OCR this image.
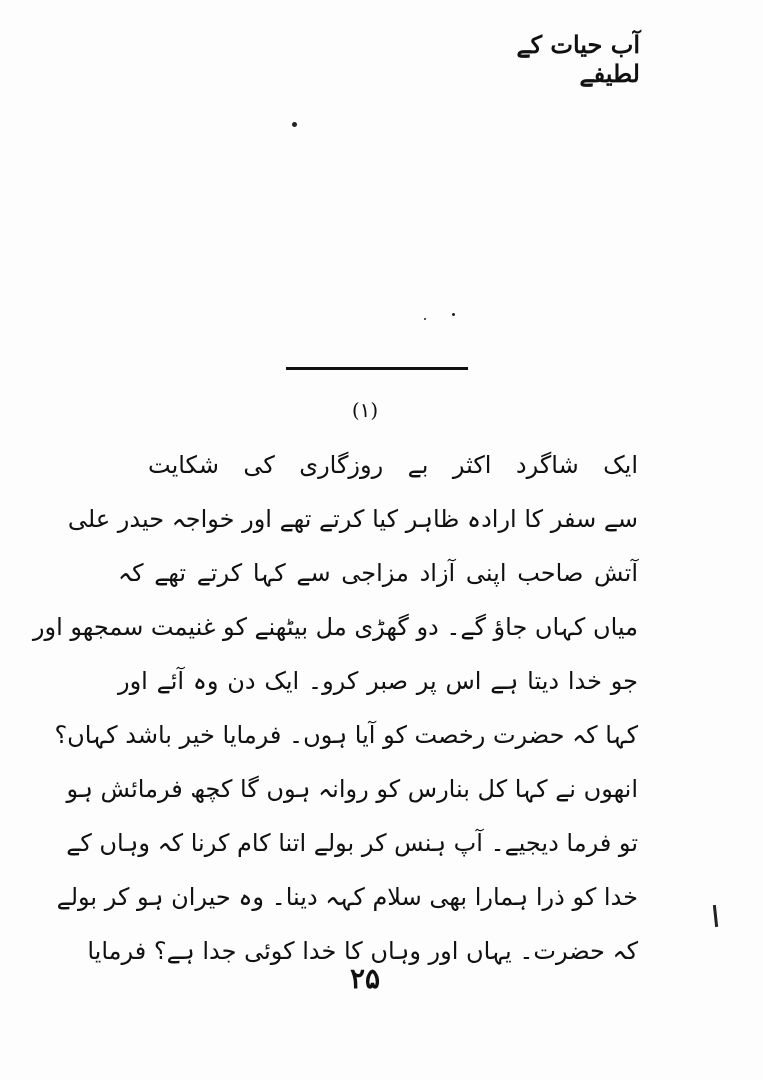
آب حیات کے لطیفے
(۱)
ایک شاگرد اکثر بے روزگاری کی شکایت
سے سفر کا ارادہ ظاہر کیا کرتے تھے اور خواجہ حیدر علی
آتش صاحب اپنی آزاد مزاجی سے کہا کرتے تھے کہ
میاں کہاں جاؤ گے۔ دو گھڑی مل بیٹھنے کو غنیمت سمجھو اور
جو خدا دیتا ہے اس پر صبر کرو۔ ایک دن وہ آئے اور
کہا کہ حضرت رخصت کو آیا ہوں۔ فرمایا خیر باشد کہاں؟
انھوں نے کہا کل بنارس کو روانہ ہوں گا کچھ فرمائش ہو
تو فرما دیجیے۔ آپ ہنس کر بولے اتنا کام کرنا کہ وہاں کے
خدا کو ذرا ہمارا بھی سلام کہہ دینا۔ وہ حیران ہو کر بولے
کہ حضرت۔ یہاں اور وہاں کا خدا کوئی جدا ہے؟ فرمایا
۲۵
